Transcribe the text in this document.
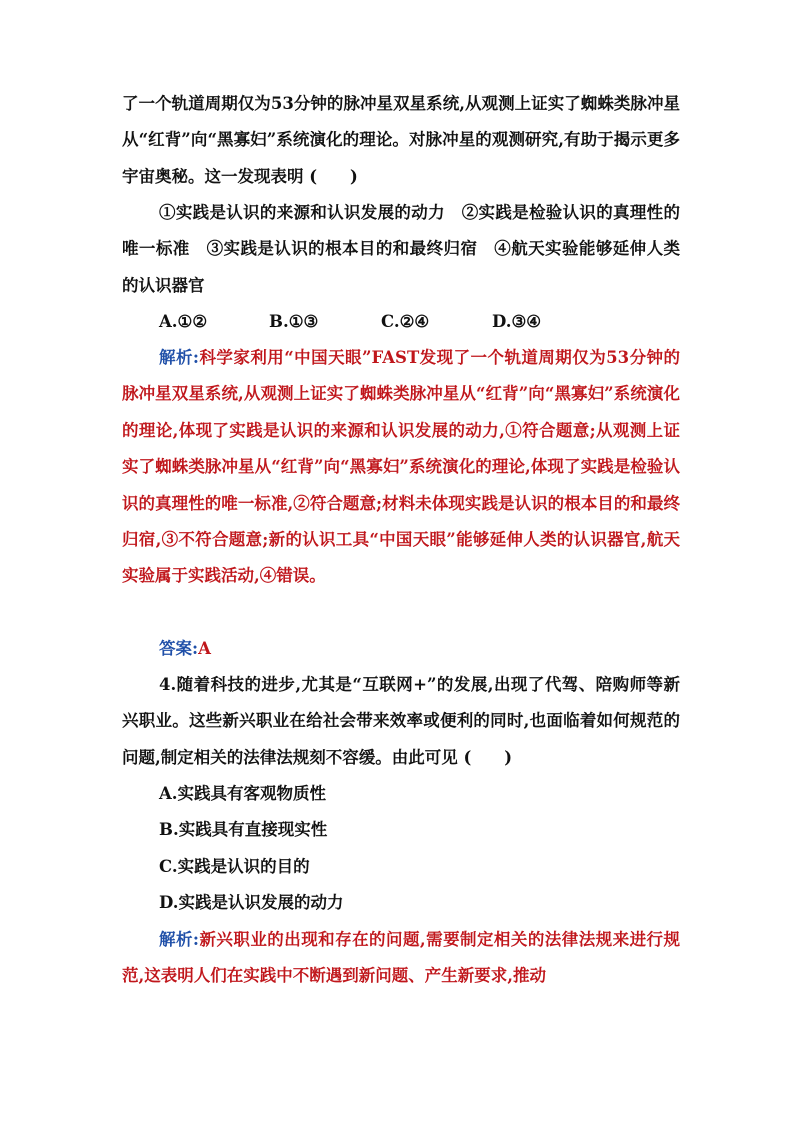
了一个轨道周期仅为53分钟的脉冲星双星系统,从观测上证实了蜘蛛类脉冲星从“红背”向“黑寡妇”系统演化的理论。对脉冲星的观测研究,有助于揭示更多宇宙奥秘。这一发现表明 (　　)
①实践是认识的来源和认识发展的动力　②实践是检验认识的真理性的唯一标准　③实践是认识的根本目的和最终归宿　④航天实验能够延伸人类的认识器官
A.①②	B.①③	C.②④	D.③④
解析:科学家利用“中国天眼”FAST发现了一个轨道周期仅为53分钟的脉冲星双星系统,从观测上证实了蜘蛛类脉冲星从“红背”向“黑寡妇”系统演化的理论,体现了实践是认识的来源和认识发展的动力,①符合题意;从观测上证实了蜘蛛类脉冲星从“红背”向“黑寡妇”系统演化的理论,体现了实践是检验认识的真理性的唯一标准,②符合题意;材料未体现实践是认识的根本目的和最终归宿,③不符合题意;新的认识工具“中国天眼”能够延伸人类的认识器官,航天实验属于实践活动,④错误。
答案:A
4.随着科技的进步,尤其是“互联网+”的发展,出现了代驾、陪购师等新兴职业。这些新兴职业在给社会带来效率或便利的同时,也面临着如何规范的问题,制定相关的法律法规刻不容缓。由此可见 (　　)
A.实践具有客观物质性
B.实践具有直接现实性
C.实践是认识的目的
D.实践是认识发展的动力
解析:新兴职业的出现和存在的问题,需要制定相关的法律法规来进行规范,这表明人们在实践中不断遇到新问题、产生新要求,推动
